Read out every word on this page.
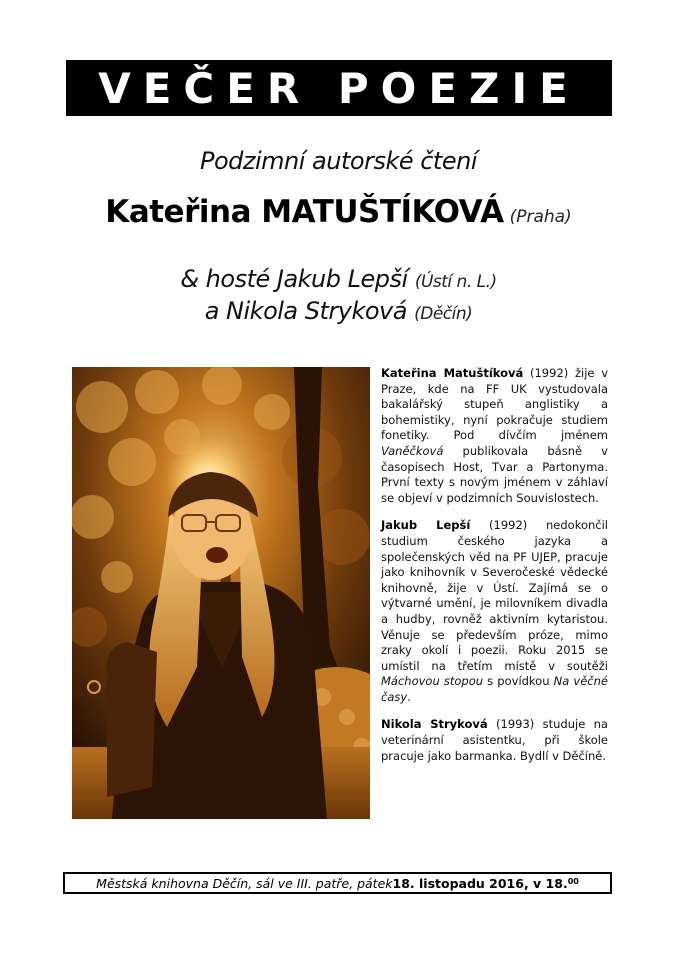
VEČER POEZIE
Podzimní autorské čtení
Kateřina MATUŠTÍKOVÁ (Praha)
& hosté Jakub Lepší (Ústí n. L.)
a Nikola Stryková (Děčín)

Kateřina Matuštíková (1992) žije v Praze, kde na FF UK vystudovala bakalářský stupeň anglistiky a bohemistiky, nyní pokračuje studiem fonetiky. Pod dívčím jménem Vaněčková publikovala básně v časopisech Host, Tvar a Partonyma. První texty s novým jménem v záhlaví se objeví v podzimních Souvislostech.

Jakub Lepší (1992) nedokončil studium českého jazyka a společenských věd na PF UJEP, pracuje jako knihovník v Severočeské vědecké knihovně, žije v Ústí. Zajímá se o výtvarné umění, je milovníkem divadla a hudby, rovněž aktivním kytaristou. Věnuje se především próze, mimo zraky okolí i poezii. Roku 2015 se umístil na třetím místě v soutěži Máchovou stopou s povídkou Na věčné časy.

Nikola Stryková (1993) studuje na veterinární asistentku, při škole pracuje jako barmanka. Bydlí v Děčíně.

Městská knihovna Děčín, sál ve III. patře, pátek 18. listopadu 2016, v 18.00
